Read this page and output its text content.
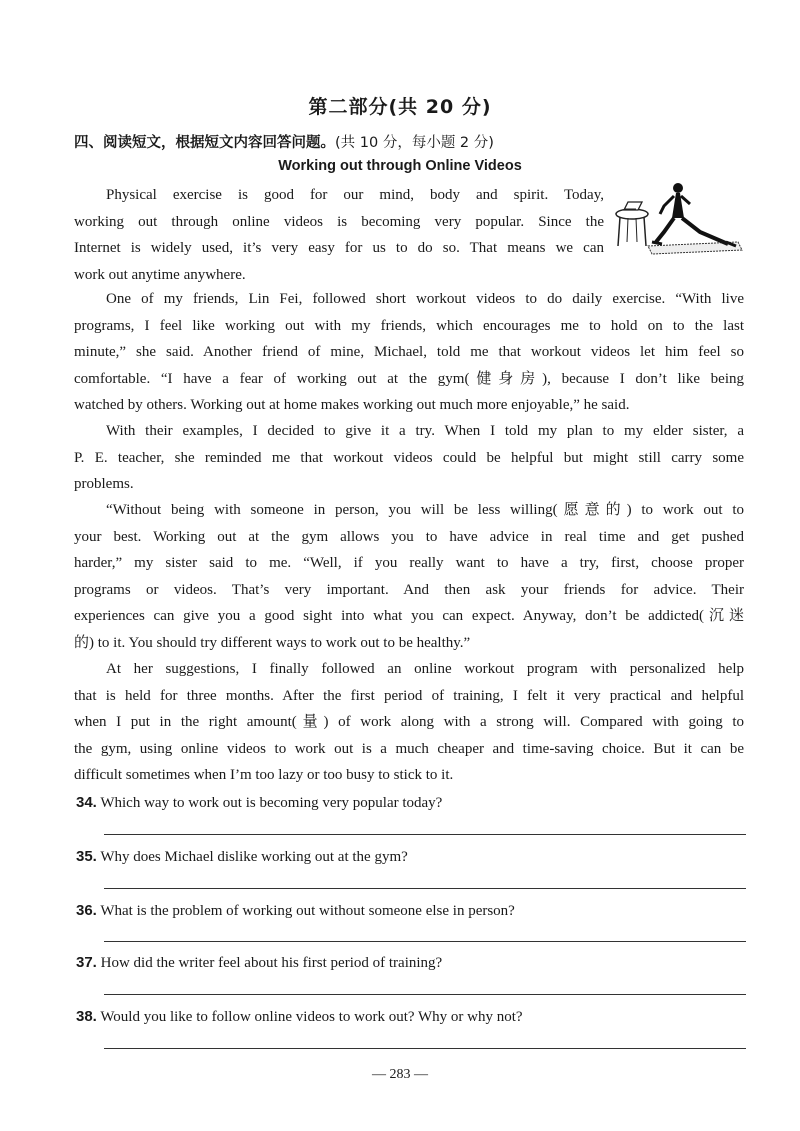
第二部分(共 20 分)
四、阅读短文，根据短文内容回答问题。(共 10 分，每小题 2 分)
Working out through Online Videos
Physical exercise is good for our mind, body and spirit. Today,
working out through online videos is becoming very popular. Since the
Internet is widely used, it’s very easy for us to do so. That means we can
work out anytime anywhere.
One of my friends, Lin Fei, followed short workout videos to do daily exercise. “With live
programs, I feel like working out with my friends, which encourages me to hold on to the last
minute,” she said. Another friend of mine, Michael, told me that workout videos let him feel so
comfortable. “I have a fear of working out at the gym(健身房), because I don’t like being
watched by others. Working out at home makes working out much more enjoyable,” he said.
With their examples, I decided to give it a try. When I told my plan to my elder sister, a
P. E. teacher, she reminded me that workout videos could be helpful but might still carry some
problems.
“Without being with someone in person, you will be less willing(愿意的) to work out to
your best. Working out at the gym allows you to have advice in real time and get pushed
harder,” my sister said to me. “Well, if you really want to have a try, first, choose proper
programs or videos. That’s very important. And then ask your friends for advice. Their
experiences can give you a good sight into what you can expect. Anyway, don’t be addicted(沉迷
的) to it. You should try different ways to work out to be healthy.”
At her suggestions, I finally followed an online workout program with personalized help
that is held for three months. After the first period of training, I felt it very practical and helpful
when I put in the right amount(量) of work along with a strong will. Compared with going to
the gym, using online videos to work out is a much cheaper and time-saving choice. But it can be
difficult sometimes when I’m too lazy or too busy to stick to it.
34. Which way to work out is becoming very popular today?
35. Why does Michael dislike working out at the gym?
36. What is the problem of working out without someone else in person?
37. How did the writer feel about his first period of training?
38. Would you like to follow online videos to work out? Why or why not?
— 283 —
